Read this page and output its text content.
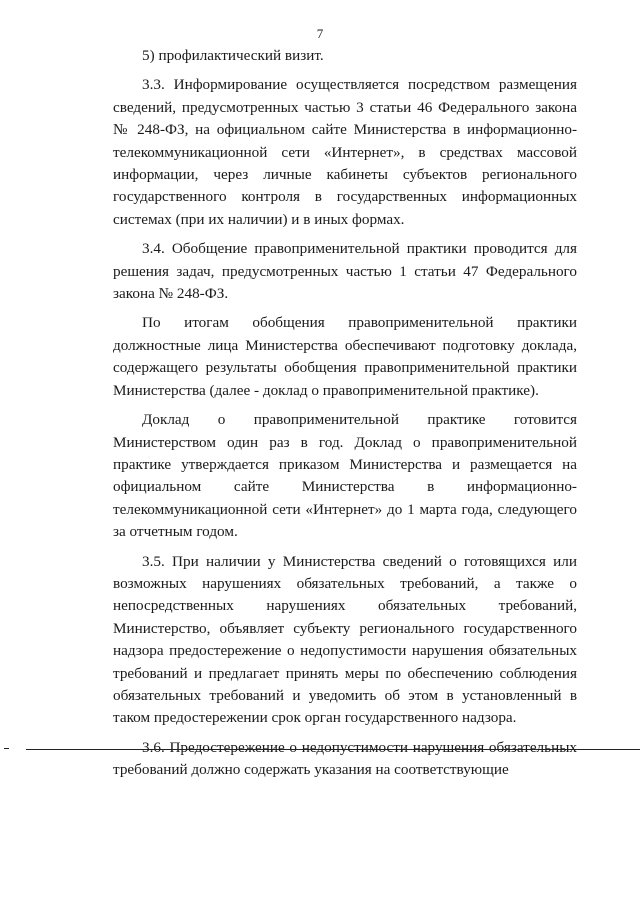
7

5) профилактический визит.

3.3. Информирование осуществляется посредством размещения сведений, предусмотренных частью 3 статьи 46 Федерального закона № 248-ФЗ, на официальном сайте Министерства в информационно-телекоммуникационной сети «Интернет», в средствах массовой информации, через личные кабинеты субъектов регионального государственного контроля в государственных информационных системах (при их наличии) и в иных формах.

3.4. Обобщение правоприменительной практики проводится для решения задач, предусмотренных частью 1 статьи 47 Федерального закона № 248-ФЗ.

По итогам обобщения правоприменительной практики должностные лица Министерства обеспечивают подготовку доклада, содержащего результаты обобщения правоприменительной практики Министерства (далее - доклад о правоприменительной практике).

Доклад о правоприменительной практике готовится Министерством один раз в год. Доклад о правоприменительной практике утверждается приказом Министерства и размещается на официальном сайте Министерства в информационно-телекоммуникационной сети «Интернет» до 1 марта года, следующего за отчетным годом.

3.5. При наличии у Министерства сведений о готовящихся или возможных нарушениях обязательных требований, а также о непосредственных нарушениях обязательных требований, Министерство, объявляет субъекту регионального государственного надзора предостережение о недопустимости нарушения обязательных требований и предлагает принять меры по обеспечению соблюдения обязательных требований и уведомить об этом в установленный в таком предостережении срок орган государственного надзора.

3.6. Предостережение о недопустимости нарушения обязательных требований должно содержать указания на соответствующие
